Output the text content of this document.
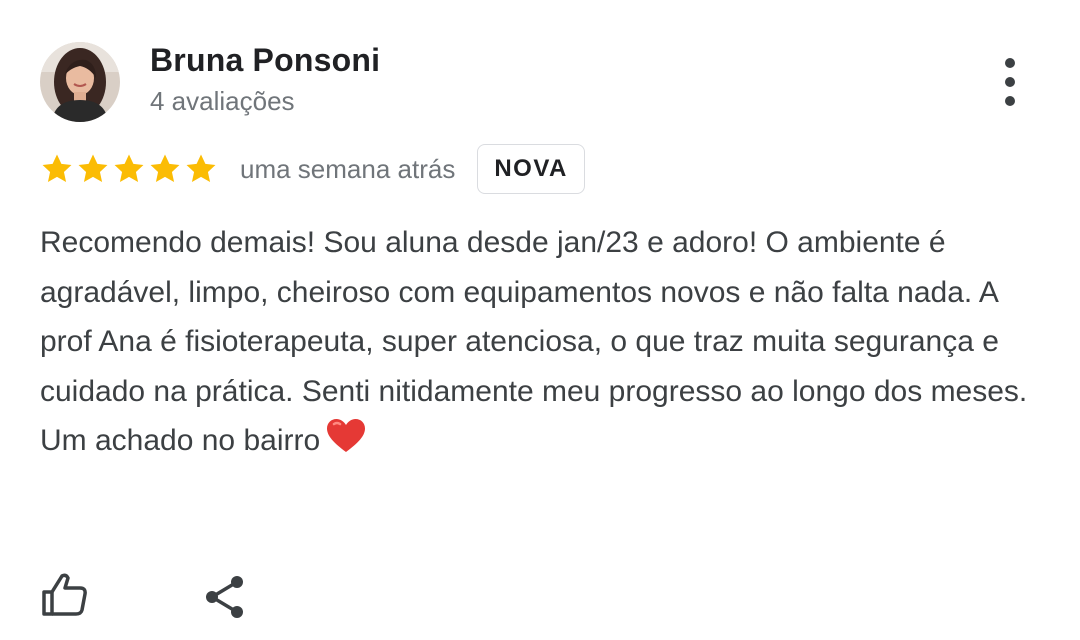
Bruna Ponsoni
4 avaliações
uma semana atrás	NOVA

Recomendo demais! Sou aluna desde jan/23 e adoro! O ambiente é agradável, limpo, cheiroso com equipamentos novos e não falta nada. A prof Ana é fisioterapeuta, super atenciosa, o que traz muita segurança e cuidado na prática. Senti nitidamente meu progresso ao longo dos meses. Um achado no bairro
